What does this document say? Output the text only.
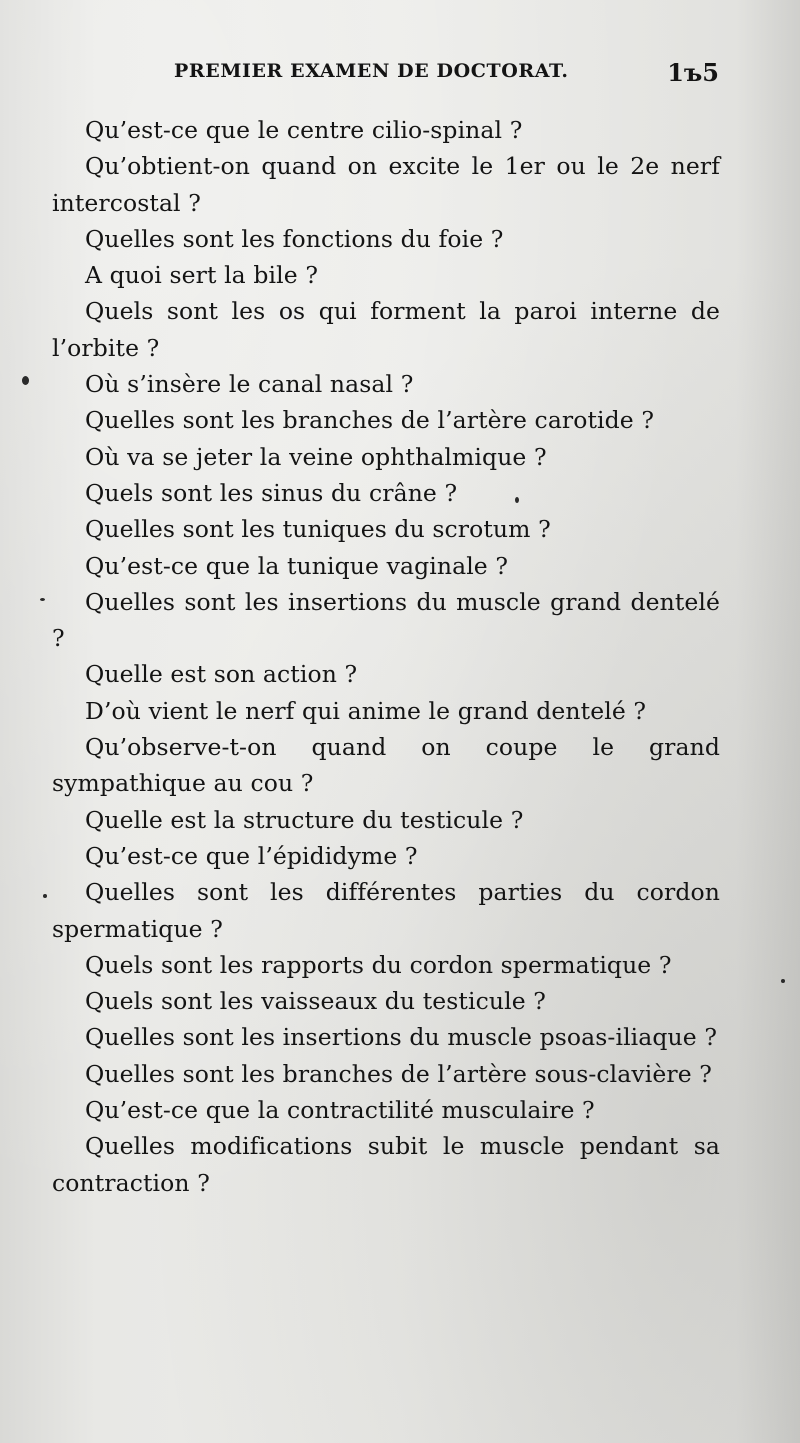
PREMIER EXAMEN DE DOCTORAT.	1ъ5
Qu’est-ce que le centre cilio-spinal ?
Qu’obtient-on quand on excite le 1er ou le 2e nerf intercostal ?
Quelles sont les fonctions du foie ?
A quoi sert la bile ?
Quels sont les os qui forment la paroi interne de l’orbite ?
Où s’insère le canal nasal ?
Quelles sont les branches de l’artère carotide ?
Où va se jeter la veine ophthalmique ?
Quels sont les sinus du crâne ?
Quelles sont les tuniques du scrotum ?
Qu’est-ce que la tunique vaginale ?
Quelles sont les insertions du muscle grand dentelé ?
Quelle est son action ?
D’où vient le nerf qui anime le grand dentelé ?
Qu’observe-t-on quand on coupe le grand sympathique au cou ?
Quelle est la structure du testicule ?
Qu’est-ce que l’épididyme ?
Quelles sont les différentes parties du cordon spermatique ?
Quels sont les rapports du cordon spermatique ?
Quels sont les vaisseaux du testicule ?
Quelles sont les insertions du muscle psoas-iliaque ?
Quelles sont les branches de l’artère sous-clavière ?
Qu’est-ce que la contractilité musculaire ?
Quelles modifications subit le muscle pendant sa contraction ?
